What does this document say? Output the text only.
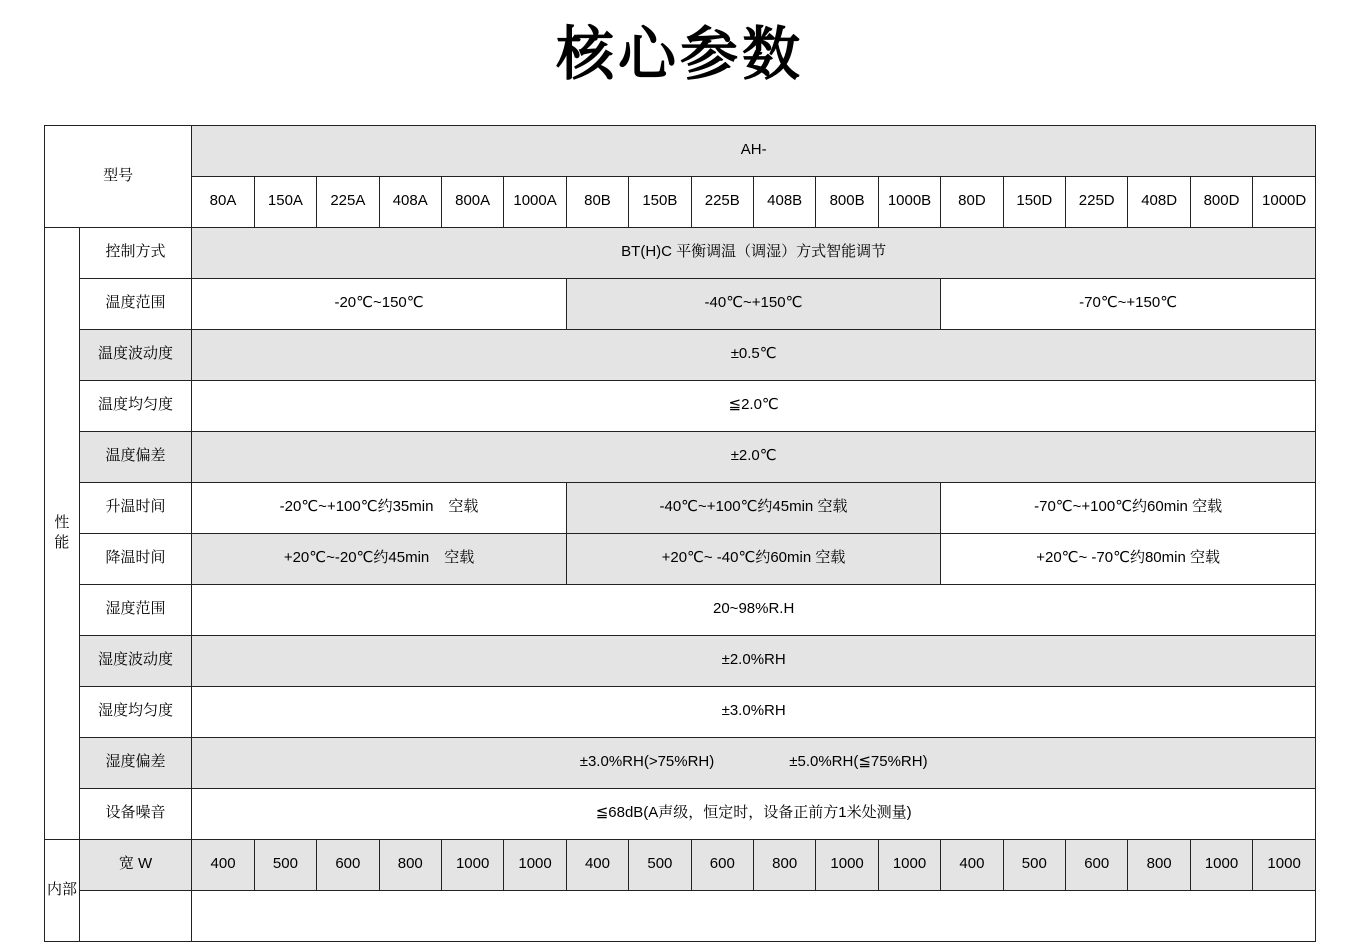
核心参数
型号		AH-																	
		80A	150A	225A	408A	800A	1000A	80B	150B	225B	408B	800B	1000B	80D	150D	225D	408D	800D	1000D
性
能	控制方式	BT(H)C 平衡调温（调湿）方式智能调节																	
	温度范围	-20℃~150℃						-40℃~+150℃						-70℃~+150℃					
	温度波动度	±0.5℃																	
	温度均匀度	≦2.0℃																	
	温度偏差	±2.0℃																	
	升温时间	-20℃~+100℃约35min　空载						-40℃~+100℃约45min 空载						-70℃~+100℃约60min 空载					
	降温时间	+20℃~-20℃约45min　空载						+20℃~ -40℃约60min 空载						+20℃~ -70℃约80min 空载					
	湿度范围	20~98%R.H																	
	湿度波动度	±2.0%RH																	
	湿度均匀度	±3.0%RH																	
	湿度偏差	±3.0%RH(>75%RH)　　　　　±5.0%RH(≦75%RH)																	
	设备噪音	≦68dB(A声级，恒定时，设备正前方1米处测量)																	
内部	宽 W	400	500	600	800	1000	1000	400	500	600	800	1000	1000	400	500	600	800	1000	1000
